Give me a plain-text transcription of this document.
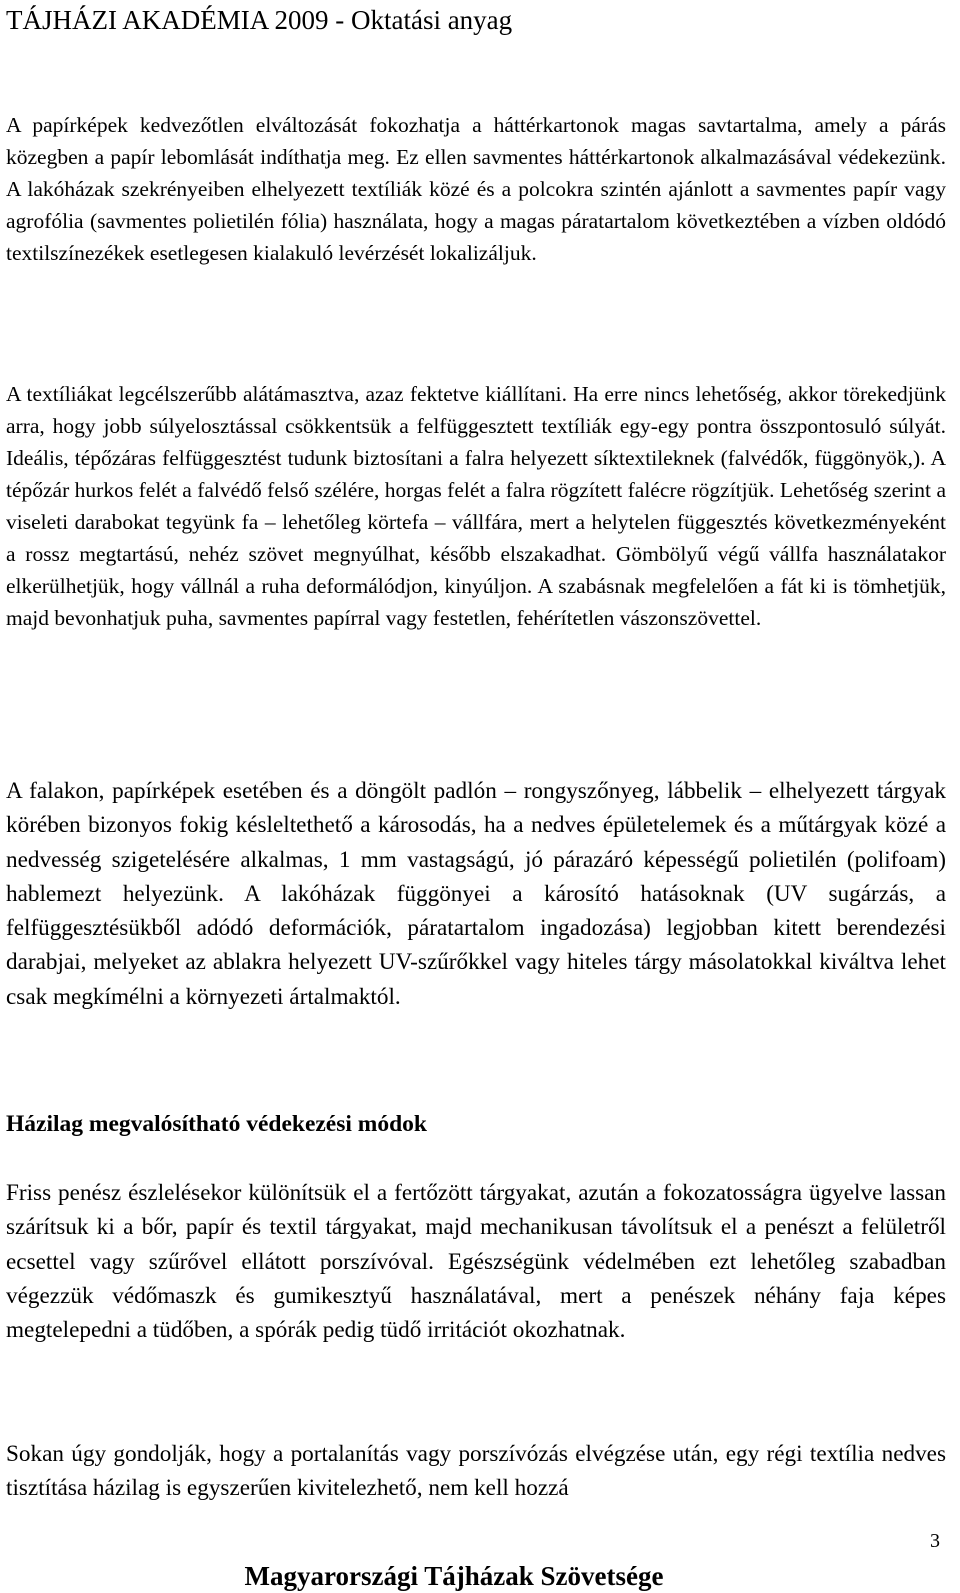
TÁJHÁZI AKADÉMIA 2009 - Oktatási anyag

A papírképek kedvezőtlen elváltozását fokozhatja a háttérkartonok magas savtartalma, amely a párás közegben a papír lebomlását indíthatja meg. Ez ellen savmentes háttérkartonok alkalmazásával védekezünk. A lakóházak szekrényeiben elhelyezett textíliák közé és a polcokra szintén ajánlott a savmentes papír vagy agrofólia (savmentes polietilén fólia) használata, hogy a magas páratartalom következtében a vízben oldódó textilszínezékek esetlegesen kialakuló levérzését lokalizáljuk.

A textíliákat legcélszerűbb alátámasztva, azaz fektetve kiállítani. Ha erre nincs lehetőség, akkor törekedjünk arra, hogy jobb súlyelosztással csökkentsük a felfüggesztett textíliák egy-egy pontra összpontosuló súlyát. Ideális, tépőzáras felfüggesztést tudunk biztosítani a falra helyezett síktextileknek (falvédők, függönyök,). A tépőzár hurkos felét a falvédő felső szélére, horgas felét a falra rögzített falécre rögzítjük. Lehetőség szerint a viseleti darabokat tegyünk fa – lehetőleg körtefa – vállfára, mert a helytelen függesztés következményeként a rossz megtartású, nehéz szövet megnyúlhat, később elszakadhat. Gömbölyű végű vállfa használatakor elkerülhetjük, hogy vállnál a ruha deformálódjon, kinyúljon. A szabásnak megfelelően a fát ki is tömhetjük, majd bevonhatjuk puha, savmentes papírral vagy festetlen, fehérítetlen vászonszövettel.

A falakon, papírképek esetében és a döngölt padlón – rongyszőnyeg, lábbelik – elhelyezett tárgyak körében bizonyos fokig késleltethető a károsodás, ha a nedves épületelemek és a műtárgyak közé a nedvesség szigetelésére alkalmas, 1 mm vastagságú, jó párazáró képességű polietilén (polifoam) hablemezt helyezünk. A lakóházak függönyei a károsító hatásoknak (UV sugárzás, a felfüggesztésükből adódó deformációk, páratartalom ingadozása) legjobban kitett berendezési darabjai, melyeket az ablakra helyezett UV-szűrőkkel vagy hiteles tárgy másolatokkal kiváltva lehet csak megkímélni a környezeti ártalmaktól.

Házilag megvalósítható védekezési módok

Friss penész észlelésekor különítsük el a fertőzött tárgyakat, azután a fokozatosságra ügyelve lassan szárítsuk ki a bőr, papír és textil tárgyakat, majd mechanikusan távolítsuk el a penészt a felületről ecsettel vagy szűrővel ellátott porszívóval. Egészségünk védelmében ezt lehetőleg szabadban végezzük védőmaszk és gumikesztyű használatával, mert a penészek néhány faja képes megtelepedni a tüdőben, a spórák pedig tüdő irritációt okozhatnak.

Sokan úgy gondolják, hogy a portalanítás vagy porszívózás elvégzése után, egy régi textília nedves tisztítása házilag is egyszerűen kivitelezhető, nem kell hozzá

3
Magyarországi Tájházak Szövetsége
